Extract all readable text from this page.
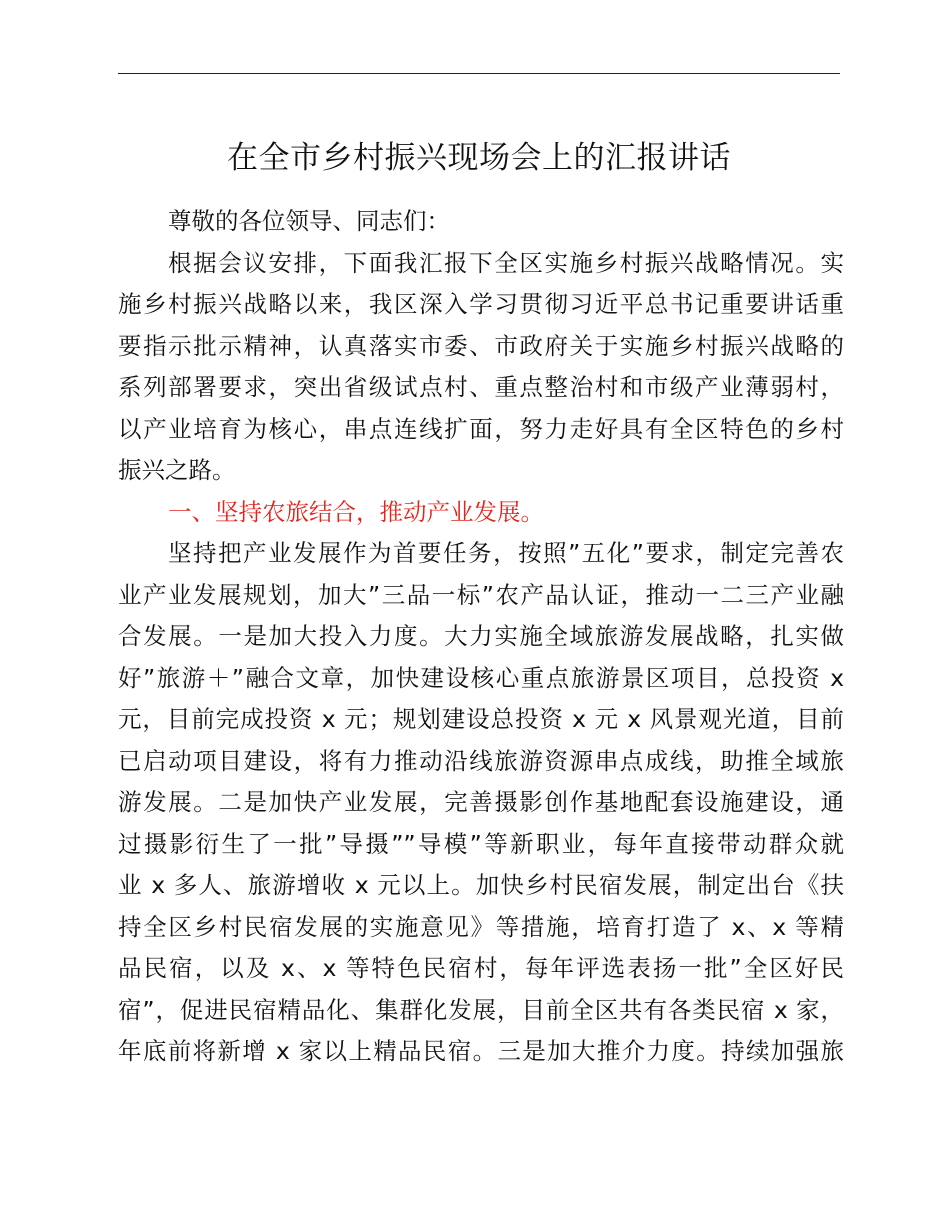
在全市乡村振兴现场会上的汇报讲话
尊敬的各位领导、同志们：
根据会议安排，下面我汇报下全区实施乡村振兴战略情况。实
施乡村振兴战略以来，我区深入学习贯彻习近平总书记重要讲话重
要指示批示精神，认真落实市委、市政府关于实施乡村振兴战略的
系列部署要求，突出省级试点村、重点整治村和市级产业薄弱村，
以产业培育为核心，串点连线扩面，努力走好具有全区特色的乡村
振兴之路。
一、坚持农旅结合，推动产业发展。
坚持把产业发展作为首要任务，按照”五化”要求，制定完善农
业产业发展规划，加大”三品一标”农产品认证，推动一二三产业融
合发展。一是加大投入力度。大力实施全域旅游发展战略，扎实做
好”旅游＋”融合文章，加快建设核心重点旅游景区项目，总投资 x
元，目前完成投资 x 元；规划建设总投资 x 元 x 风景观光道，目前
已启动项目建设，将有力推动沿线旅游资源串点成线，助推全域旅
游发展。二是加快产业发展，完善摄影创作基地配套设施建设，通
过摄影衍生了一批”导摄””导模”等新职业，每年直接带动群众就
业 x 多人、旅游增收 x 元以上。加快乡村民宿发展，制定出台《扶
持全区乡村民宿发展的实施意见》等措施，培育打造了 x、x 等精
品民宿，以及 x、x 等特色民宿村，每年评选表扬一批”全区好民
宿”，促进民宿精品化、集群化发展，目前全区共有各类民宿 x 家，
年底前将新增 x 家以上精品民宿。三是加大推介力度。持续加强旅
